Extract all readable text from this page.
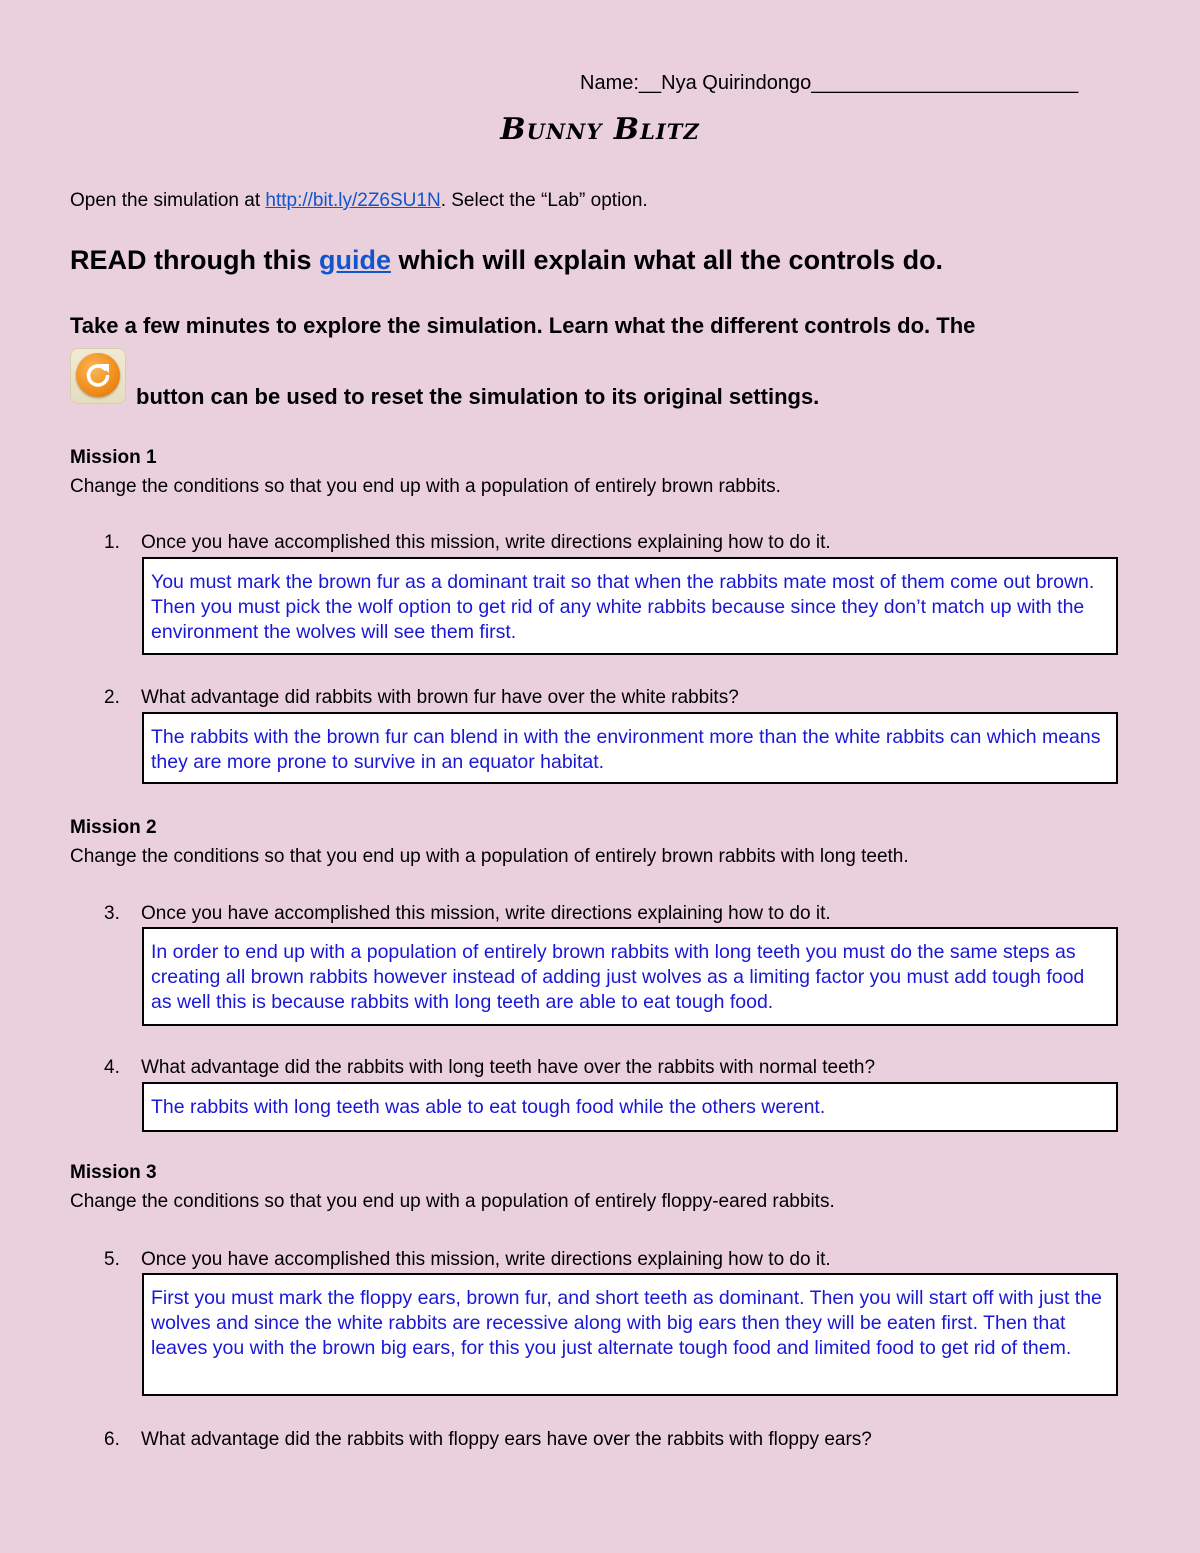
Name:__Nya Quirindongo________________________
Bunny Blitz
Open the simulation at http://bit.ly/2Z6SU1N. Select the “Lab” option.
READ through this guide which will explain what all the controls do.
Take a few minutes to explore the simulation. Learn what the different controls do. The
button can be used to reset the simulation to its original settings.
Mission 1
Change the conditions so that you end up with a population of entirely brown rabbits.
1. Once you have accomplished this mission, write directions explaining how to do it.
You must mark the brown fur as a dominant trait so that when the rabbits mate most of them come out brown. Then you must pick the wolf option to get rid of any white rabbits because since they don’t match up with the environment the wolves will see them first.
2. What advantage did rabbits with brown fur have over the white rabbits?
The rabbits with the brown fur can blend in with the environment more than the white rabbits can which means they are more prone to survive in an equator habitat.
Mission 2
Change the conditions so that you end up with a population of entirely brown rabbits with long teeth.
3. Once you have accomplished this mission, write directions explaining how to do it.
In order to end up with a population of entirely brown rabbits with long teeth you must do the same steps as creating all brown rabbits however instead of adding just wolves as a limiting factor you must add tough food as well this is because rabbits with long teeth are able to eat tough food.
4. What advantage did the rabbits with long teeth have over the rabbits with normal teeth?
The rabbits with long teeth was able to eat tough food while the others werent.
Mission 3
Change the conditions so that you end up with a population of entirely floppy-eared rabbits.
5. Once you have accomplished this mission, write directions explaining how to do it.
First you must mark the floppy ears, brown fur, and short teeth as dominant. Then you will start off with just the wolves and since the white rabbits are recessive along with big ears then they will be eaten first. Then that leaves you with the brown big ears, for this you just alternate tough food and limited food to get rid of them.
6. What advantage did the rabbits with floppy ears have over the rabbits with floppy ears?
